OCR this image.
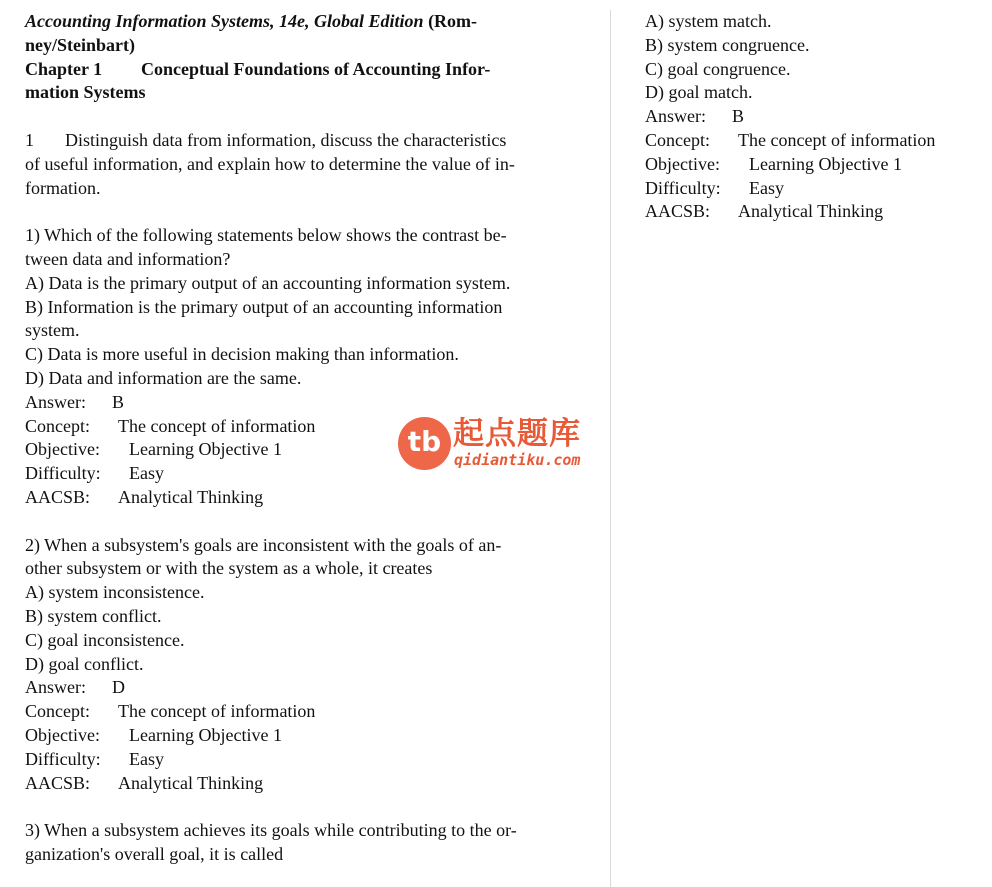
Accounting Information Systems, 14e, Global Edition (Rom-
ney/Steinbart)
Chapter 1 Conceptual Foundations of Accounting Infor-
mation Systems
1 Distinguish data from information, discuss the characteristics
of useful information, and explain how to determine the value of in-
formation.
1) Which of the following statements below shows the contrast be-
tween data and information?
A) Data is the primary output of an accounting information system.
B) Information is the primary output of an accounting information
system.
C) Data is more useful in decision making than information.
D) Data and information are the same.
Answer: B
Concept: The concept of information
Objective: Learning Objective 1
Difficulty: Easy
AACSB: Analytical Thinking
2) When a subsystem's goals are inconsistent with the goals of an-
other subsystem or with the system as a whole, it creates
A) system inconsistence.
B) system conflict.
C) goal inconsistence.
D) goal conflict.
Answer: D
Concept: The concept of information
Objective: Learning Objective 1
Difficulty: Easy
AACSB: Analytical Thinking
3) When a subsystem achieves its goals while contributing to the or-
ganization's overall goal, it is called
A) system match.
B) system congruence.
C) goal congruence.
D) goal match.
Answer: B
Concept: The concept of information
Objective: Learning Objective 1
Difficulty: Easy
AACSB: Analytical Thinking
tb 起点题库
qidiantiku.com
